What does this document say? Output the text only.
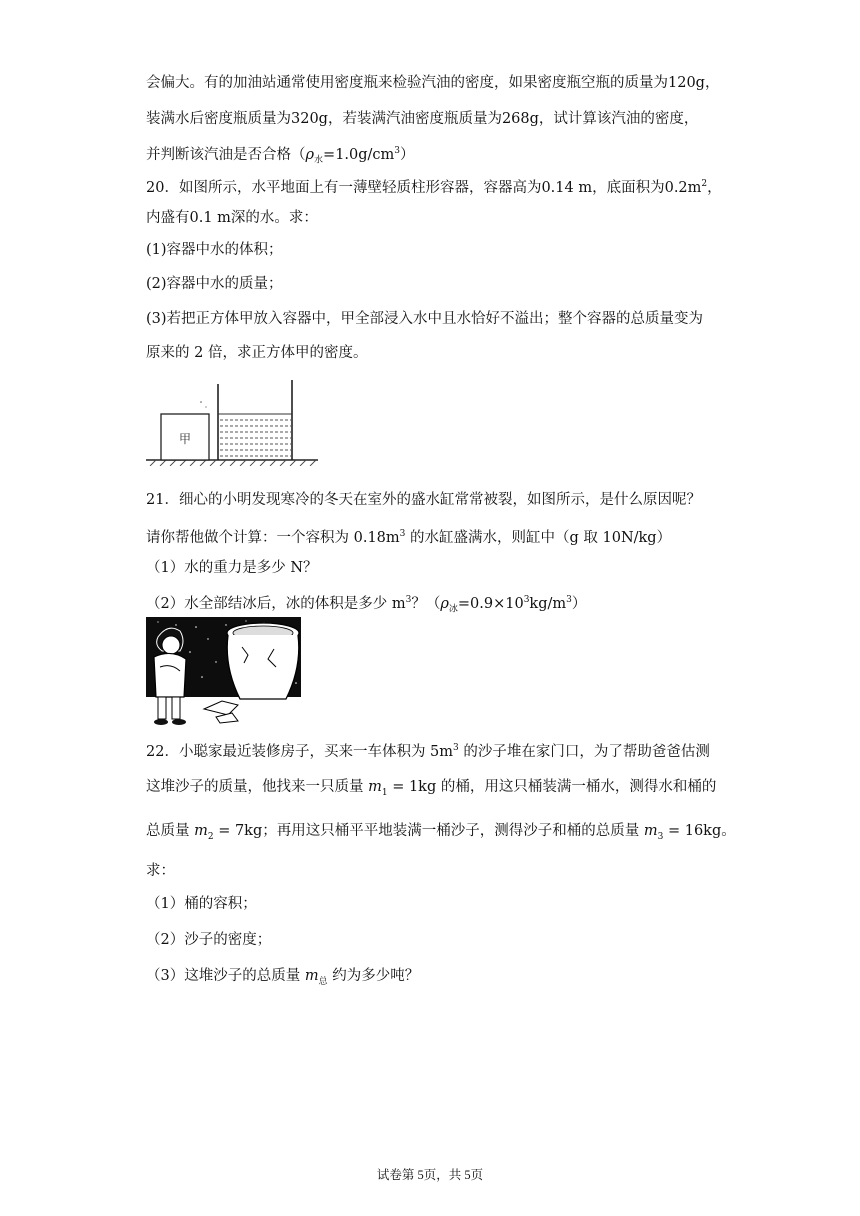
会偏大。有的加油站通常使用密度瓶来检验汽油的密度，如果密度瓶空瓶的质量为120g，
装满水后密度瓶质量为320g，若装满汽油密度瓶质量为268g，试计算该汽油的密度，
并判断该汽油是否合格$(\rho_水=1.0g/cm^3)$
20．如图所示，水平地面上有一薄壁轻质柱形容器，容器高为0.14 m，底面积为$0.2m^2$，
内盛有0.1 m深的水。求：
(1)容器中水的体积；
(2)容器中水的质量；
(3)若把正方体甲放入容器中，甲全部浸入水中且水恰好不溢出；整个容器的总质量变为
原来的 2 倍，求正方体甲的密度。
甲
21．细心的小明发现寒冷的冬天在室外的盛水缸常常被裂，如图所示，是什么原因呢？
请你帮他做个计算：一个容积为 $0.18m^3$ 的水缸盛满水，则缸中（g 取 10N/kg）
（1）水的重力是多少 N？
（2）水全部结冰后，冰的体积是多少 $m^3$？$(\rho_冰=0.9\times 10^3kg/m^3)$
22．小聪家最近装修房子，买来一车体积为 $5m^3$ 的沙子堆在家门口，为了帮助爸爸估测
这堆沙子的质量，他找来一只质量 $m_1 = 1kg$ 的桶，用这只桶装满一桶水，测得水和桶的
总质量 $m_2 = 7kg$；再用这只桶平平地装满一桶沙子，测得沙子和桶的总质量 $m_3 = 16kg$。
求：
（1）桶的容积；
（2）沙子的密度；
（3）这堆沙子的总质量 $m_总$ 约为多少吨？
试卷第 5页，共 5页
